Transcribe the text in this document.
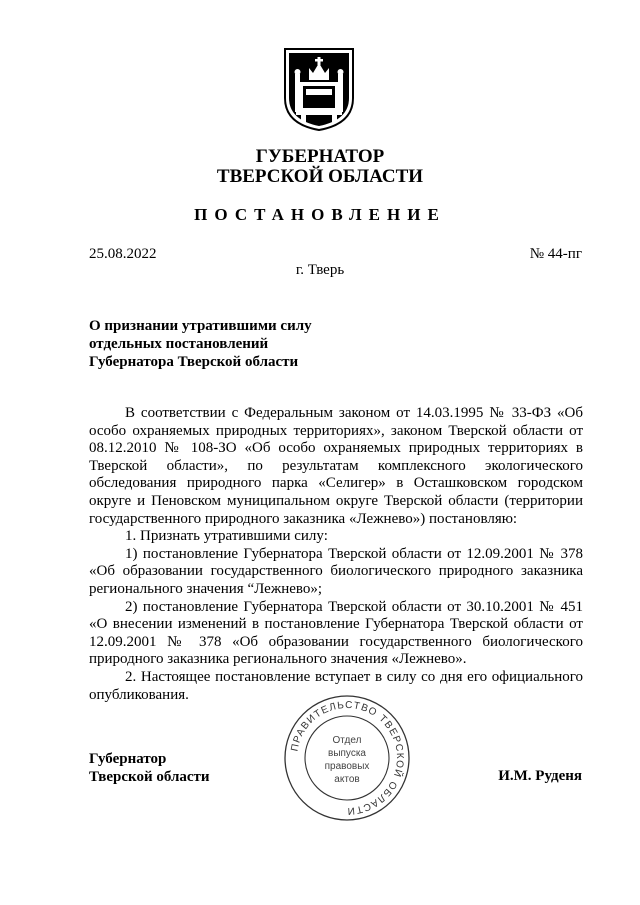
ГУБЕРНАТОР
ТВЕРСКОЙ ОБЛАСТИ
ПОСТАНОВЛЕНИЕ
25.08.2022	№ 44-пг
г. Тверь
О признании утратившими силу
отдельных постановлений
Губернатора Тверской области

В соответствии с Федеральным законом от 14.03.1995 № 33-ФЗ «Об особо охраняемых природных территориях», законом Тверской области от 08.12.2010 № 108-ЗО «Об особо охраняемых природных территориях в Тверской области», по результатам комплексного экологического обследования природного парка «Селигер» в Осташковском городском округе и Пеновском муниципальном округе Тверской области (территории государственного природного заказника «Лежнево») постановляю:

1. Признать утратившими силу:

1) постановление Губернатора Тверской области от 12.09.2001 № 378 «Об образовании государственного биологического природного заказника регионального значения “Лежнево»;

2) постановление Губернатора Тверской области от 30.10.2001 № 451 «О внесении изменений в постановление Губернатора Тверской области от 12.09.2001 № 378 «Об образовании государственного биологического природного заказника регионального значения «Лежнево».

2. Настоящее постановление вступает в силу со дня его официального опубликования.

ПРАВИТЕЛЬСТВО ТВЕРСКОЙ ОБЛАСТИ
Отдел
выпуска
правовых
актов
Губернатор
Тверской области	И.М. Руденя
